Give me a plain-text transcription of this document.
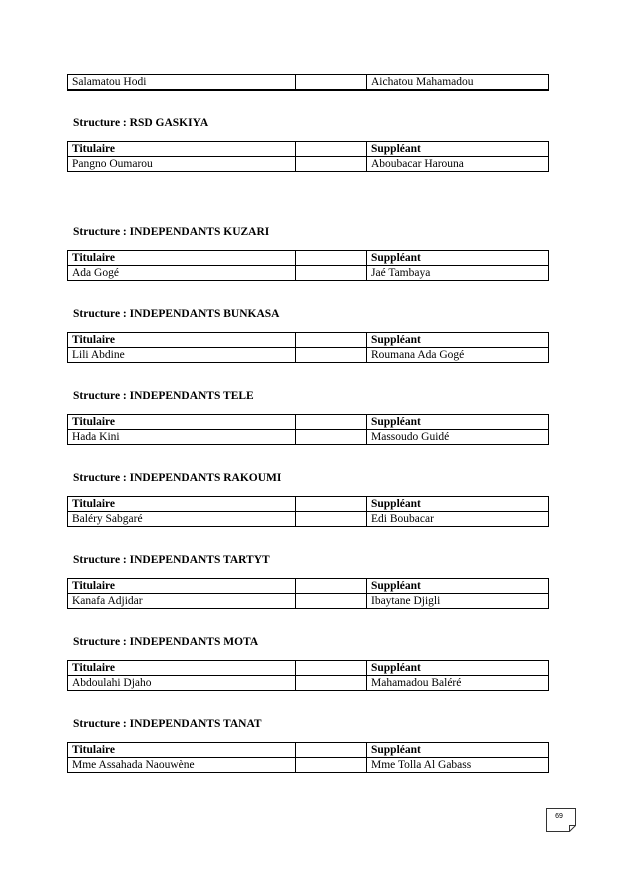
Salamatou Hodi		Aichatou Mahamadou
Structure : RSD GASKIYA
Titulaire		Suppléant
Pangno Oumarou		Aboubacar Harouna
Structure : INDEPENDANTS KUZARI
Titulaire		Suppléant
Ada Gogé		Jaé Tambaya
Structure : INDEPENDANTS BUNKASA
Titulaire		Suppléant
Lili Abdine		Roumana Ada Gogé
Structure : INDEPENDANTS TELE
Titulaire		Suppléant
Hada Kini		Massoudo Guidé
Structure : INDEPENDANTS RAKOUMI
Titulaire		Suppléant
Baléry Sabgaré		Edi Boubacar
Structure : INDEPENDANTS TARTYT
Titulaire		Suppléant
Kanafa Adjidar		Ibaytane Djigli
Structure : INDEPENDANTS MOTA
Titulaire		Suppléant
Abdoulahi Djaho		Mahamadou Baléré
Structure : INDEPENDANTS TANAT
Titulaire		Suppléant
Mme Assahada Naouwène		Mme Tolla Al Gabass
69
